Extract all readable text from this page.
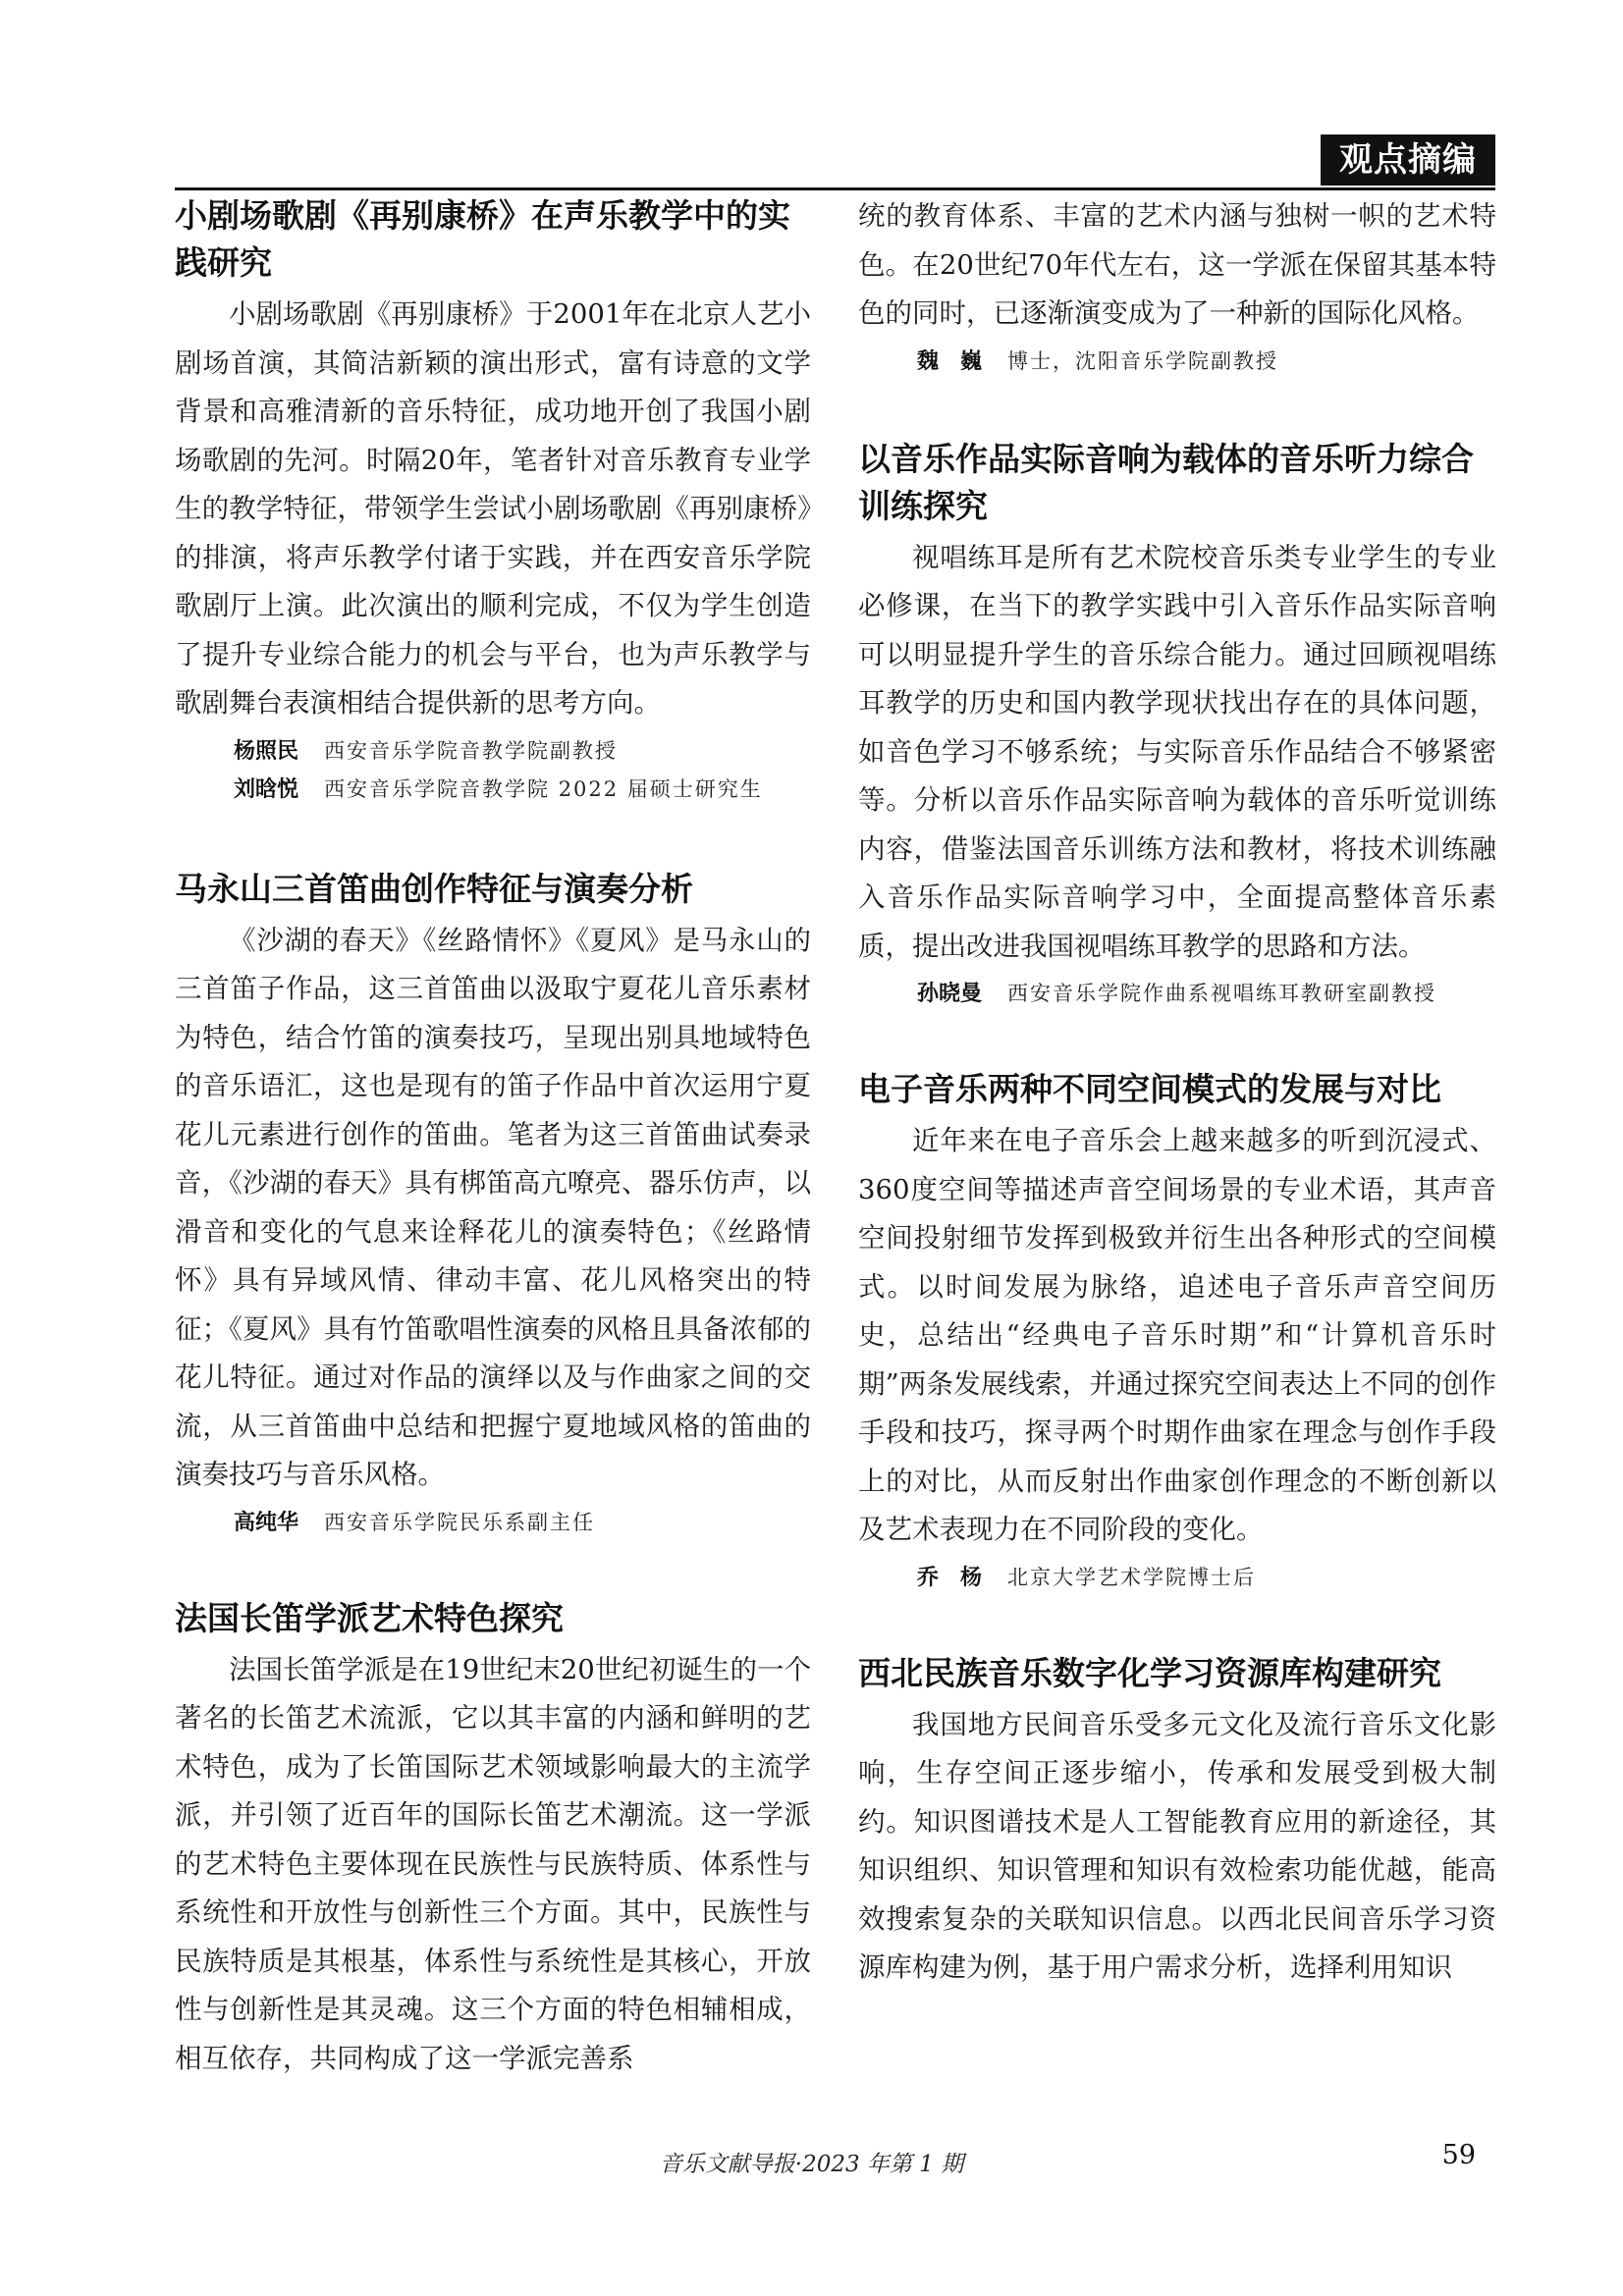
观点摘编
小剧场歌剧《再别康桥》在声乐教学中的实践研究

小剧场歌剧《再别康桥》于2001年在北京人艺小剧场首演，其简洁新颖的演出形式，富有诗意的文学背景和高雅清新的音乐特征，成功地开创了我国小剧场歌剧的先河。时隔20年，笔者针对音乐教育专业学生的教学特征，带领学生尝试小剧场歌剧《再别康桥》的排演，将声乐教学付诸于实践，并在西安音乐学院歌剧厅上演。此次演出的顺利完成，不仅为学生创造了提升专业综合能力的机会与平台，也为声乐教学与歌剧舞台表演相结合提供新的思考方向。

杨照民 西安音乐学院音教学院副教授
刘晗悦 西安音乐学院音教学院 2022 届硕士研究生
马永山三首笛曲创作特征与演奏分析

《沙湖的春天》《丝路情怀》《夏风》是马永山的三首笛子作品，这三首笛曲以汲取宁夏花儿音乐素材为特色，结合竹笛的演奏技巧，呈现出别具地域特色的音乐语汇，这也是现有的笛子作品中首次运用宁夏花儿元素进行创作的笛曲。笔者为这三首笛曲试奏录音，《沙湖的春天》具有梆笛高亢嘹亮、器乐仿声，以滑音和变化的气息来诠释花儿的演奏特色；《丝路情怀》具有异域风情、律动丰富、花儿风格突出的特征；《夏风》具有竹笛歌唱性演奏的风格且具备浓郁的花儿特征。通过对作品的演绎以及与作曲家之间的交流，从三首笛曲中总结和把握宁夏地域风格的笛曲的演奏技巧与音乐风格。

高纯华 西安音乐学院民乐系副主任
法国长笛学派艺术特色探究

法国长笛学派是在19世纪末20世纪初诞生的一个著名的长笛艺术流派，它以其丰富的内涵和鲜明的艺术特色，成为了长笛国际艺术领域影响最大的主流学派，并引领了近百年的国际长笛艺术潮流。这一学派的艺术特色主要体现在民族性与民族特质、体系性与系统性和开放性与创新性三个方面。其中，民族性与民族特质是其根基，体系性与系统性是其核心，开放性与创新性是其灵魂。这三个方面的特色相辅相成，相互依存，共同构成了这一学派完善系

统的教育体系、丰富的艺术内涵与独树一帜的艺术特色。在20世纪70年代左右，这一学派在保留其基本特色的同时，已逐渐演变成为了一种新的国际化风格。

魏　巍 博士，沈阳音乐学院副教授
以音乐作品实际音响为载体的音乐听力综合训练探究

视唱练耳是所有艺术院校音乐类专业学生的专业必修课，在当下的教学实践中引入音乐作品实际音响可以明显提升学生的音乐综合能力。通过回顾视唱练耳教学的历史和国内教学现状找出存在的具体问题，如音色学习不够系统；与实际音乐作品结合不够紧密等。分析以音乐作品实际音响为载体的音乐听觉训练内容，借鉴法国音乐训练方法和教材，将技术训练融入音乐作品实际音响学习中，全面提高整体音乐素质，提出改进我国视唱练耳教学的思路和方法。

孙晓曼 西安音乐学院作曲系视唱练耳教研室副教授
电子音乐两种不同空间模式的发展与对比

近年来在电子音乐会上越来越多的听到沉浸式、360度空间等描述声音空间场景的专业术语，其声音空间投射细节发挥到极致并衍生出各种形式的空间模式。以时间发展为脉络，追述电子音乐声音空间历史，总结出“经典电子音乐时期”和“计算机音乐时期”两条发展线索，并通过探究空间表达上不同的创作手段和技巧，探寻两个时期作曲家在理念与创作手段上的对比，从而反射出作曲家创作理念的不断创新以及艺术表现力在不同阶段的变化。

乔　杨 北京大学艺术学院博士后
西北民族音乐数字化学习资源库构建研究

我国地方民间音乐受多元文化及流行音乐文化影响，生存空间正逐步缩小，传承和发展受到极大制约。知识图谱技术是人工智能教育应用的新途径，其知识组织、知识管理和知识有效检索功能优越，能高效搜索复杂的关联知识信息。以西北民间音乐学习资源库构建为例，基于用户需求分析，选择利用知识

音乐文献导报·2023 年第 1 期	59
